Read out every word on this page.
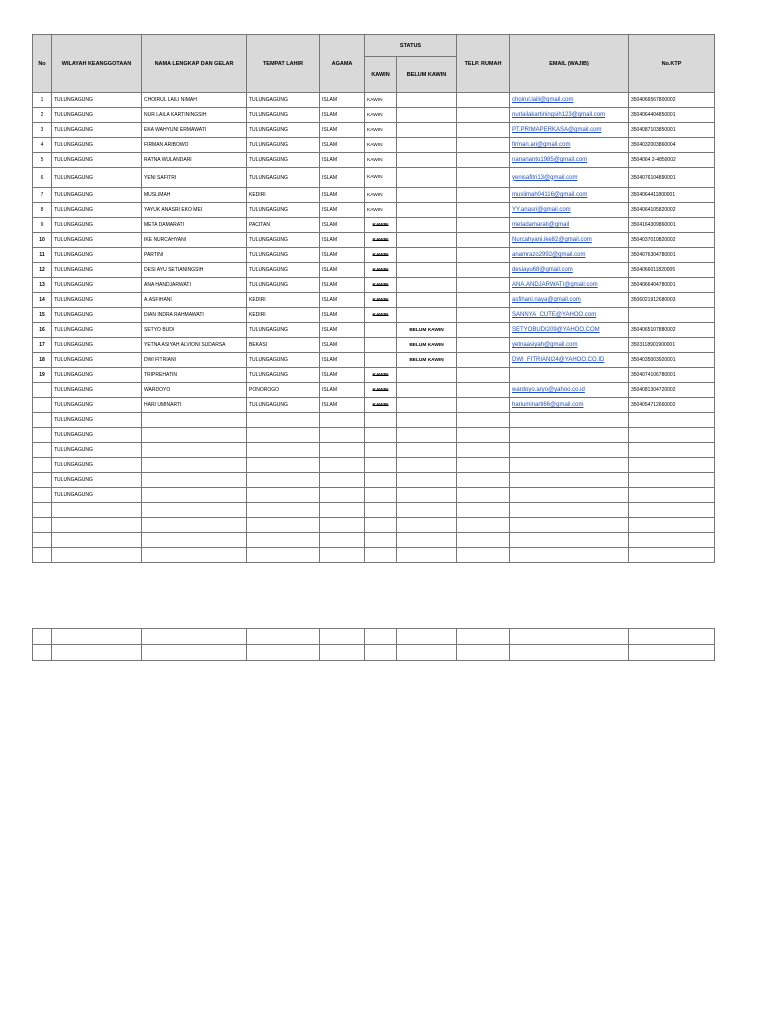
No	WILAYAH KEANGGOTAAN	NAMA LENGKAP DAN GELAR	TEMPAT LAHIR	AGAMA	STATUS		TELP. RUMAH	EMAIL (WAJIB)	No.KTP
					KAWIN	BELUM KAWIN			
1	TULUNGAGUNG	CHOIRUL LAILI NIMAH	TULUNGAGUNG	ISLAM	KAWIN			choirul.laili@gmail.com	3504066567800002
2	TULUNGAGUNG	NUR LAILA KARTININGSIH	TULUNGAGUNG	ISLAM	KAWIN			nurlailakartiningsih123@gmail.com	3504064404850001
3	TULUNGAGUNG	EKA WAHYUNI ERMAWATI	TULUNGAGUNG	ISLAM	KAWIN			PT.PRIMAPERKASA@gmail.com	3504087103850001
4	TULUNGAGUNG	FIRMAN ARIBOWO	TULUNGAGUNG	ISLAM	KAWIN			firman.ari@gmail.com	3504032003860004
5	TULUNGAGUNG	RATNA WULANDARI	TULUNGAGUNG	ISLAM	KAWIN			nanananto1985@gmail.com	3504064 2-4850002
6	TULUNGAGUNG	YENI SAFITRI	TULUNGAGUNG	ISLAM	KAWIN			yenisafitri13@gmail.com	3504076104890001
7	TULUNGAGUNG	MUSLIMAH	KEDIRI	ISLAM	KAWIN			muslimah04116@gmail.com	3504064411800001
8	TULUNGAGUNG	YAYUK ANASRI EKO MEI	TULUNGAGUNG	ISLAM	KAWIN			YY.anasri@gmail.com	3504064105820002
9	TULUNGAGUNG	META DAMARATI	PACITAN	ISLAM	KAWIN			metadamarati@gmail	3504164309860001
10	TULUNGAGUNG	IKE NURCAHYANI	TULUNGAGUNG	ISLAM	KAWIN			Nurcahyani.ike82@gmail.com	3504037010820002
11	TULUNGAGUNG	PARTINI	TULUNGAGUNG	ISLAM	KAWIN			anamrazo2992@gmail.com	3504076304780001
12	TULUNGAGUNG	DESI AYU SETIANINGSIH	TULUNGAGUNG	ISLAM	KAWIN			desiayu68@gmail.com	3504066011820005
13	TULUNGAGUNG	ANA HANDJARWATI	TULUNGAGUNG	ISLAM	KAWIN			ANA.ANDJARWATI@gmail.com	3504066404780001
14	TULUNGAGUNG	A.ASFIHANI	KEDIRI	ISLAM	KAWIN			asfihani.naya@gmail.com	3506021912680003
15	TULUNGAGUNG	DIAN INDRA RAHMAWATI	KEDIRI	ISLAM	KAWIN			SANNYA_CUTE@YAHOO.com	
16	TULUNGAGUNG	SETYO BUDI	TULUNGAGUNG	ISLAM		BELUM KAWIN		SETYOBUDI209@YAHOO.COM	3504065107880002
17	TULUNGAGUNG	YETNA ASIYAH ALVIONI SUDARSA	BEKASI	ISLAM		BELUM KAWIN		yetnaasiyah@gmail.com	3503118901900001
18	TULUNGAGUNG	DWI FITRIANI	TULUNGAGUNG	ISLAM		BELUM KAWIN		DWI_FITRIANI24@YAHOO.CO.ID	3504035003920001
19	TULUNGAGUNG	TRIPREHATIN	TULUNGAGUNG	ISLAM	KAWIN				3504074106780001
	TULUNGAGUNG	WARDOYO	PONOROGO	ISLAM	KAWIN			wardoyo.aryo@yahoo.co.id	3504081304720002
	TULUNGAGUNG	HARI UMINARTI	TULUNGAGUNG	ISLAM	KAWIN			hariuminarti66@gmail.com	3504054712660002
	TULUNGAGUNG								
	TULUNGAGUNG								
	TULUNGAGUNG								
	TULUNGAGUNG								
	TULUNGAGUNG								
	TULUNGAGUNG								
